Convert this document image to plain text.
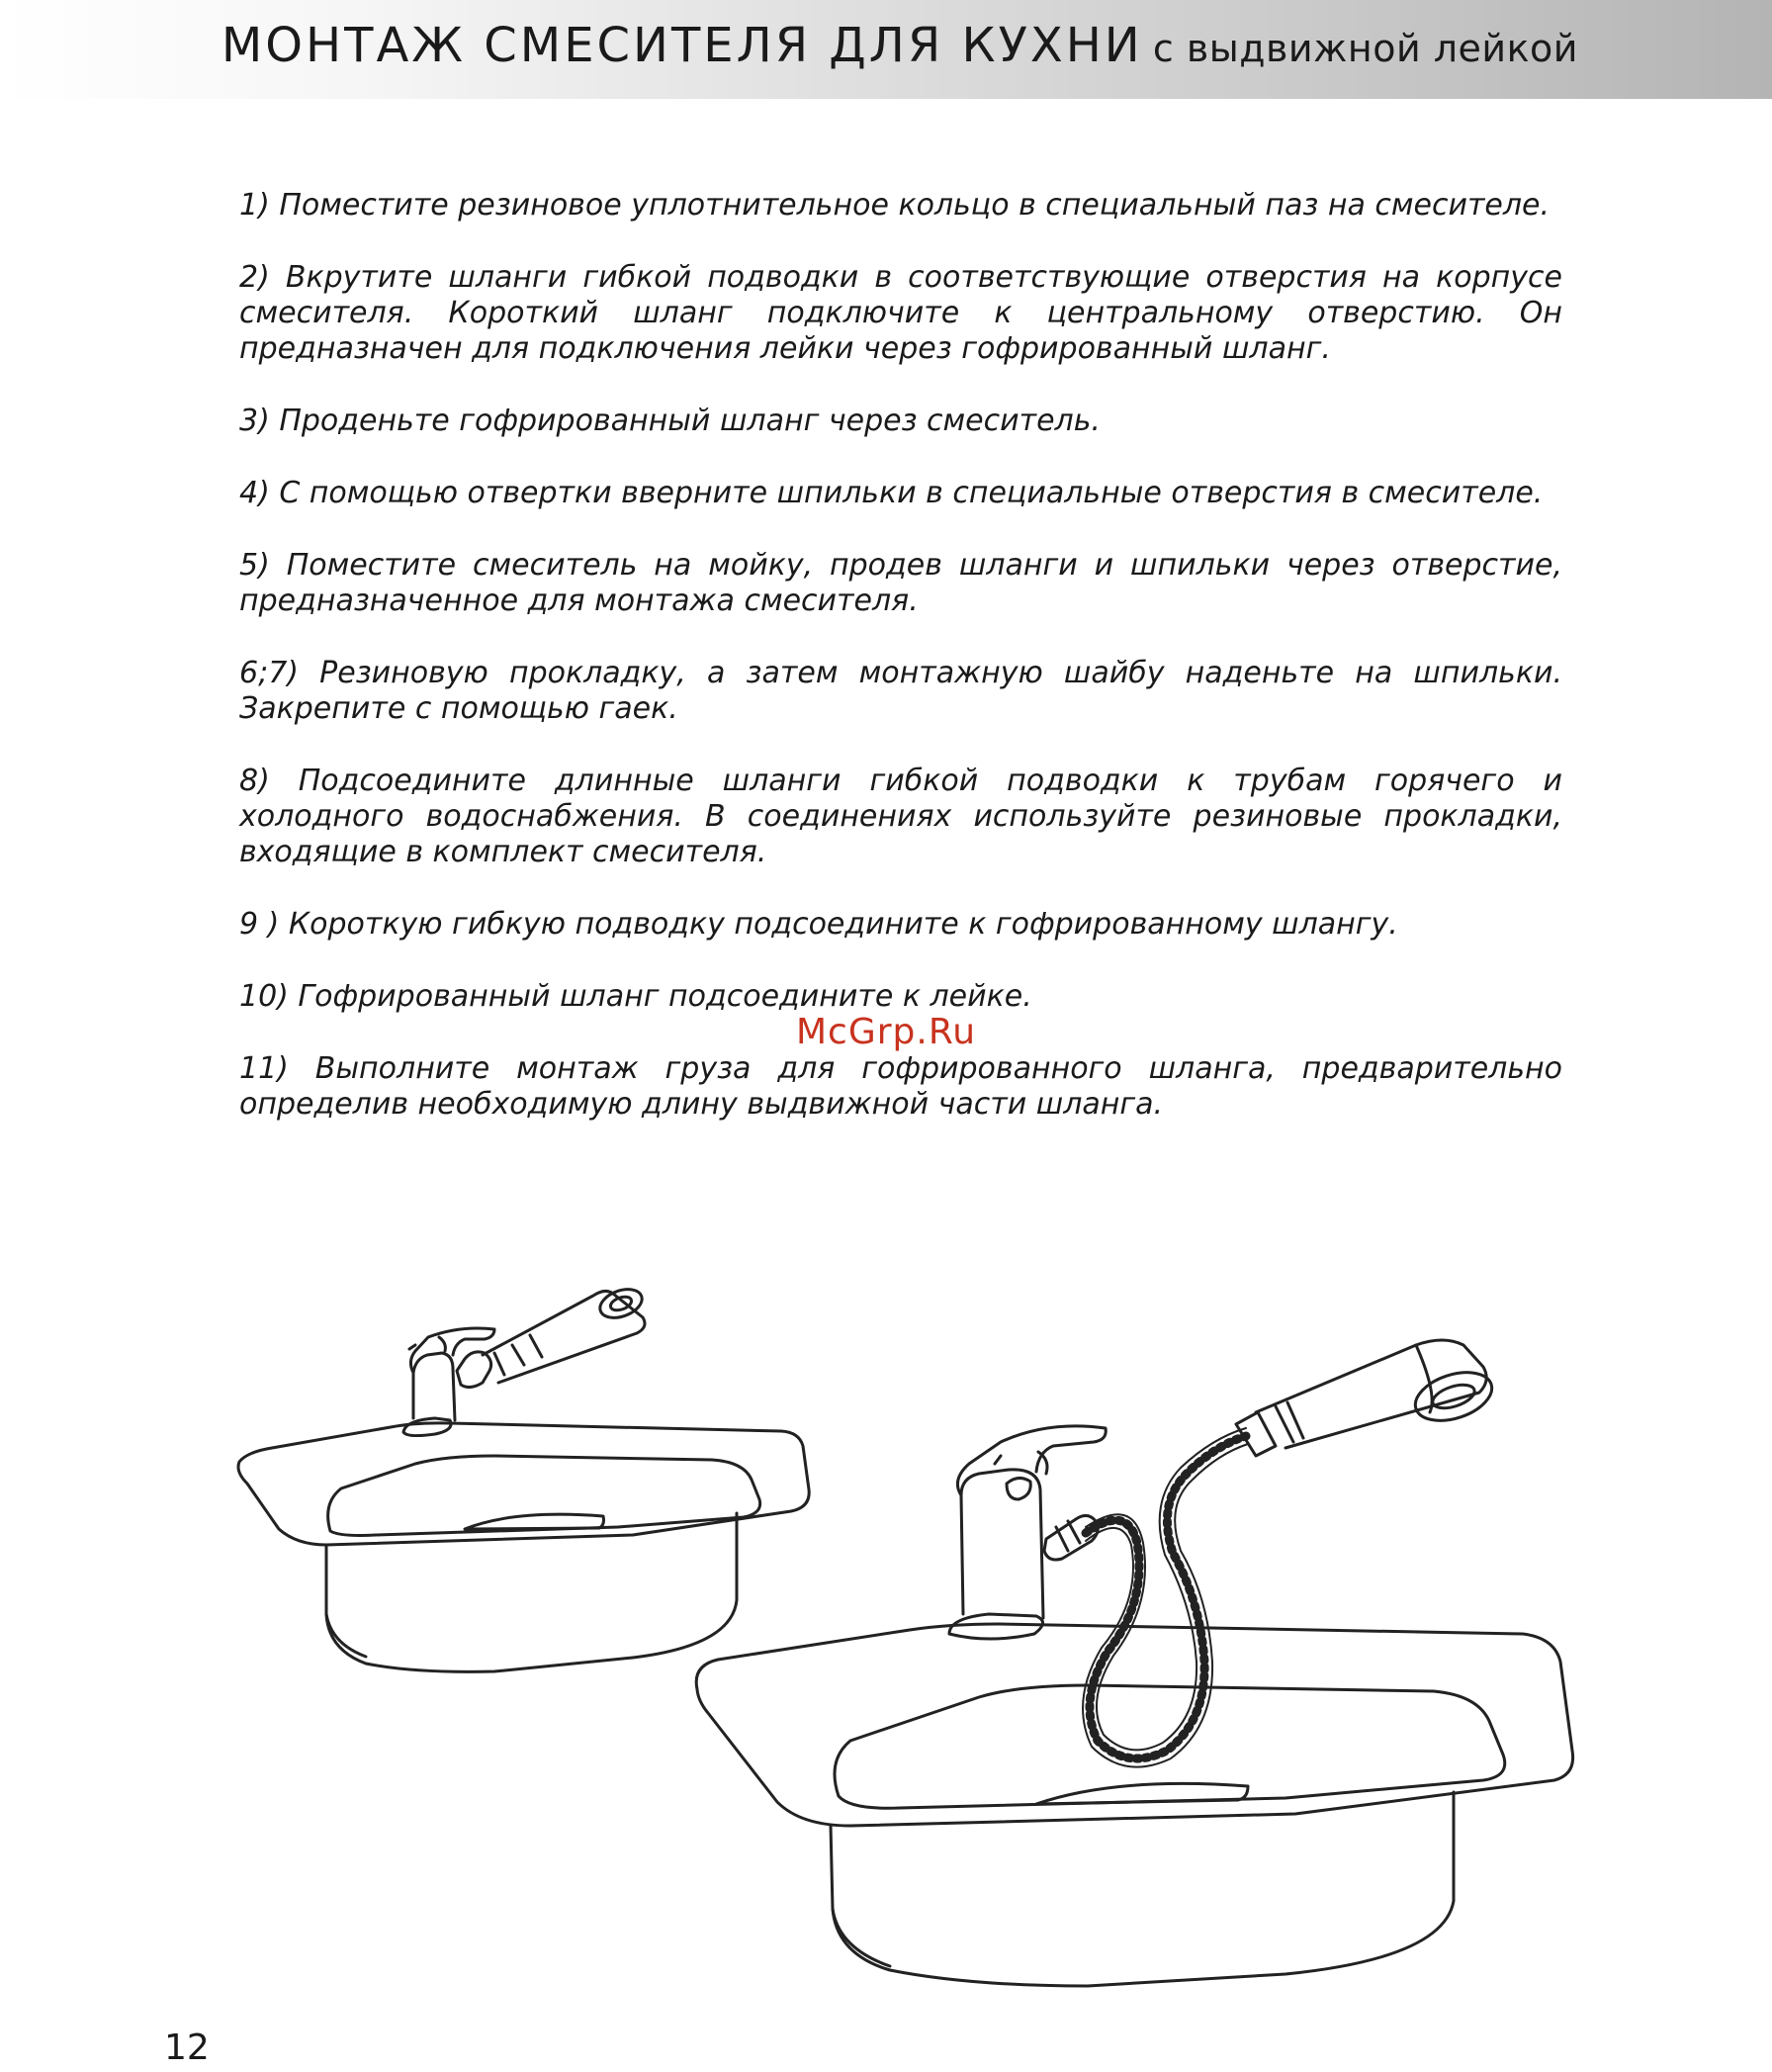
МОНТАЖ СМЕСИТЕЛЯ ДЛЯ КУХНИ с выдвижной лейкой
1) Поместите резиновое уплотнительное кольцо в специальный паз на смесителе.
2) Вкрутите шланги гибкой подводки в соответствующие отверстия на корпусе смесителя. Короткий шланг подключите к центральному отверстию. Он предназначен для подключения лейки через гофрированный шланг.
3) Проденьте гофрированный шланг через смеситель.
4) С помощью отвертки вверните шпильки в специальные отверстия в смесителе.
5) Поместите смеситель на мойку, продев шланги и шпильки через отверстие, предназначенное для монтажа смесителя.
6;7) Резиновую прокладку, а затем монтажную шайбу наденьте на шпильки. Закрепите с помощью гаек.
8) Подсоедините длинные шланги гибкой подводки к трубам горячего и холодного водоснабжения. В соединениях используйте резиновые прокладки, входящие в комплект смесителя.
9 ) Короткую гибкую подводку подсоедините к гофрированному шлангу.
10) Гофрированный шланг подсоедините к лейке.
11) Выполните монтаж груза для гофрированного шланга, предварительно определив необходимую длину выдвижной части шланга.
McGrp.Ru
12
